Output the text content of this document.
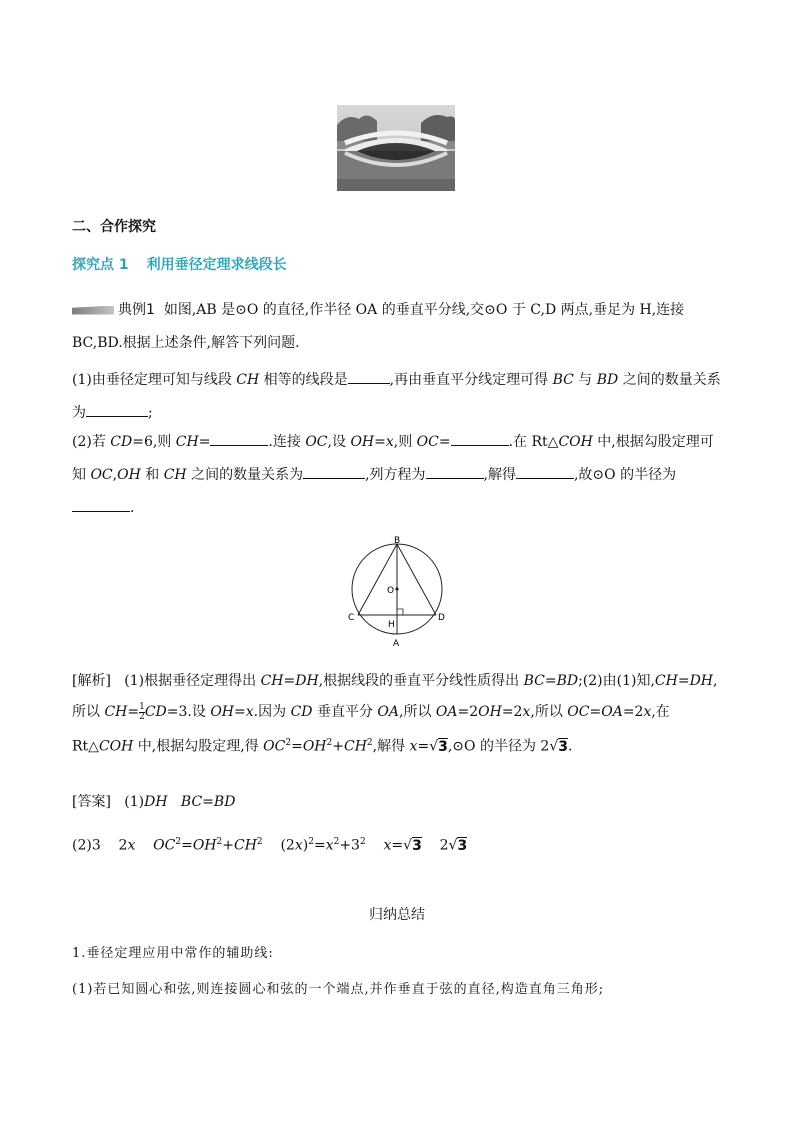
二、合作探究
探究点 1 利用垂径定理求线段长
典例1 如图,AB 是⊙O 的直径,作半径 OA 的垂直平分线,交⊙O 于 C,D 两点,垂足为 H,连接 BC,BD.根据上述条件,解答下列问题.
(1)由垂径定理可知与线段 CH 相等的线段是	,再由垂直平分线定理可得 BC 与 BD 之间的数量关系为	;
(2)若 CD=6,则 CH=	.连接 OC,设 OH=x,则 OC=	.在 Rt△COH 中,根据勾股定理可知 OC,OH 和 CH 之间的数量关系为	,列方程为	,解得	,故⊙O 的半径为.
B
O
C	D
H
A
[解析]   (1)根据垂径定理得出 CH=DH,根据线段的垂直平分线性质得出 BC=BD;(2)由(1)知,CH=DH,所以 $CH= \frac{1}{2} CD=3$.设 OH=x.因为 CD 垂直平分 OA,所以 OA=2OH=2x,所以 OC=OA=2x,在 Rt△COH 中,根据勾股定理,得 $OC^2=OH^2+CH^2$,解得 x=√3,⊙O 的半径为 2√3.
[答案]   (1)DH BC=BD
(2)3    2x $OC^2=OH^2+CH^2$    $(2x)^2=x^2+3^2$ x=√3    2√3
归纳总结
1.垂径定理应用中常作的辅助线:
(1)若已知圆心和弦,则连接圆心和弦的一个端点,并作垂直于弦的直径,构造直角三角形;
